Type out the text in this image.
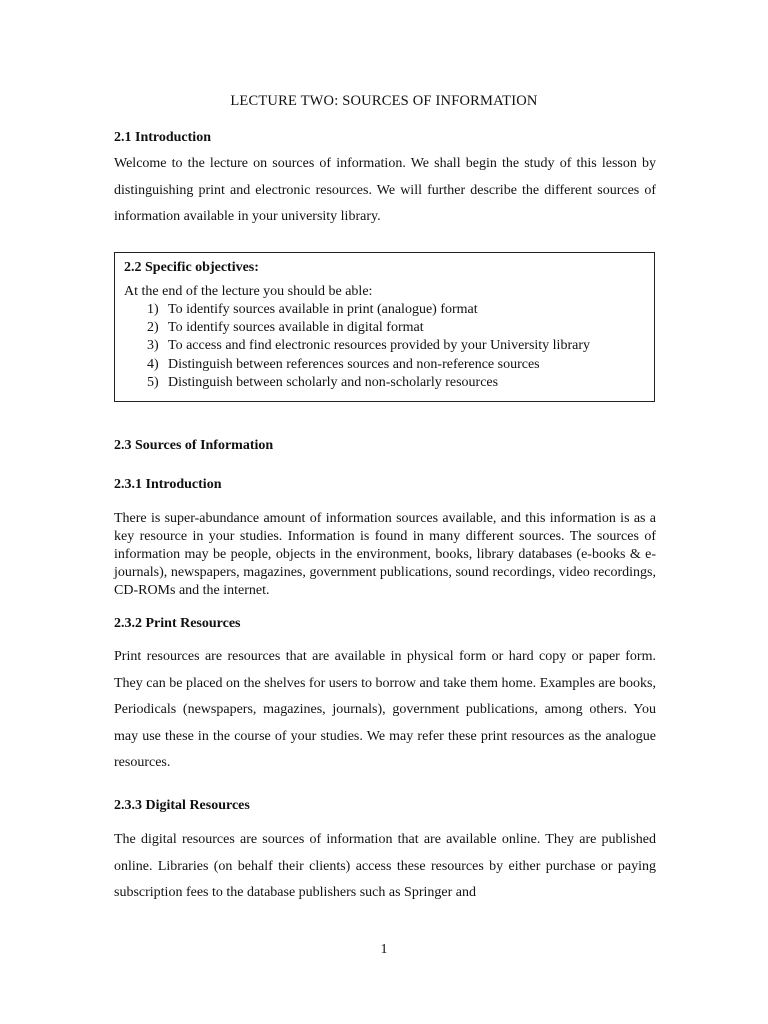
LECTURE TWO: SOURCES OF INFORMATION
2.1 Introduction

Welcome to the lecture on sources of information. We shall begin the study of this lesson by distinguishing print and electronic resources. We will further describe the different sources of information available in your university library.

2.2 Specific objectives:
At the end of the lecture you should be able:
1) To identify sources available in print (analogue) format
2) To identify sources available in digital format
3) To access and find electronic resources provided by your University library
4) Distinguish between references sources and non-reference sources
5) Distinguish between scholarly and non-scholarly resources
2.3 Sources of Information
2.3.1 Introduction

There is super-abundance amount of information sources available, and this information is as a key resource in your studies. Information is found in many different sources. The sources of information may be people, objects in the environment, books, library databases (e-books & e-journals), newspapers, magazines, government publications, sound recordings, video recordings, CD-ROMs and the internet.

2.3.2 Print Resources

Print resources are resources that are available in physical form or hard copy or paper form. They can be placed on the shelves for users to borrow and take them home. Examples are books, Periodicals (newspapers, magazines, journals), government publications, among others. You may use these in the course of your studies. We may refer these print resources as the analogue resources.

2.3.3 Digital Resources

The digital resources are sources of information that are available online. They are published online. Libraries (on behalf their clients) access these resources by either purchase or paying subscription fees to the database publishers such as Springer and

1
